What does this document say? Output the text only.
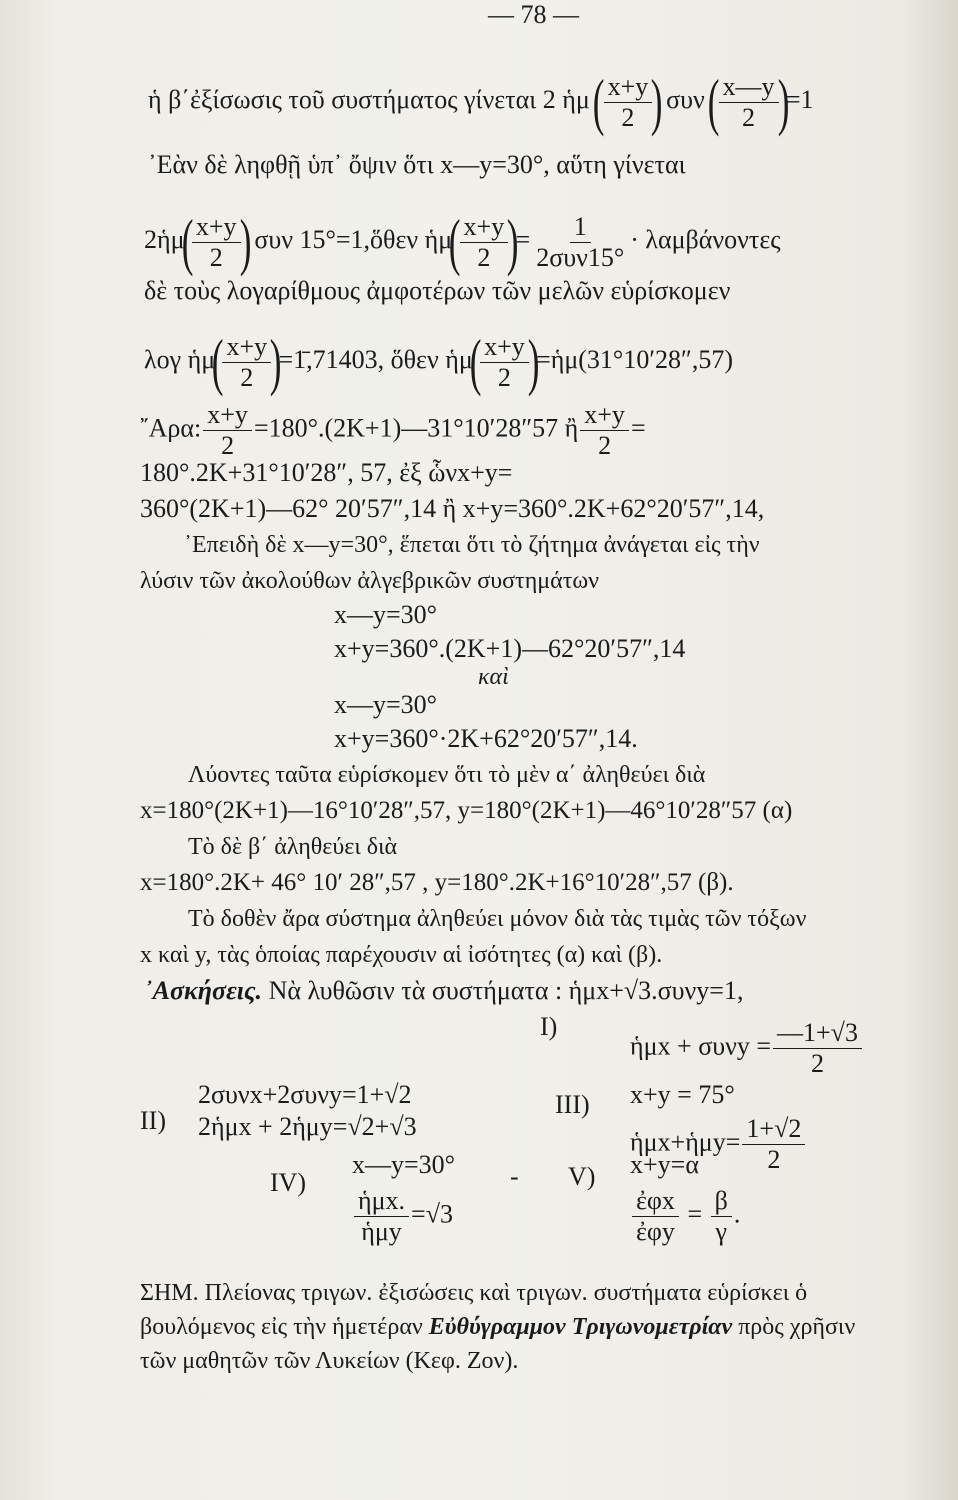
— 78 —
ἡ β΄ἐξίσωσις τοῦ συστήματος γίνεται 2 ἡμ (
$\frac{x+y}{2}$
) συν (
$\frac{x—y}{2}$
)=1
᾿Εὰν δὲ ληφθῇ ὑπ᾿ ὄψιν ὅτι x—y=30°, αὕτη γίνεται
2ἡμ(
$\frac{x+y}{2}$
) συν 15°=1,ὅθεν ἡμ(
$\frac{x+y}{2}$
)= $\frac{1}{\text{2συν15°}} \cdot \lambda\alpha\mu\beta ά\nu o\nu\tau\varepsilon\varsigma$
δὲ τοὺς λογαρίθμους ἀμφοτέρων τῶν μελῶν εὑρίσκομεν
λογ ἡμ(
$\frac{x+y}{2}$
)=1̄,71403, ὅθεν ἡμ(
$\frac{x+y}{2}$
)=ἡμ(31°10′28″,57)
῎Αρα: $\frac{x+y}{2}$ =180°.(2K+1)—31°10′28″57 ἢ $\frac{x+y}{2}$ =
180°.2K+31°10′28″, 57, ἐξ ὧνx+y=
360°(2K+1)—62° 20′57″,14 ἢ x+y=360°.2K+62°20′57″,14,
᾿Επειδὴ δὲ x—y=30°, ἕπεται ὅτι τὸ ζήτημα ἀνάγεται εἰς τὴν
λύσιν τῶν ἀκολούθων ἀλγεβρικῶν συστημάτων
x—y=30°
x+y=360°.(2K+1)—62°20′57″,14
καὶ
x—y=30°
x+y=360°·2K+62°20′57″,14.
Λύοντες ταῦτα εὑρίσκομεν ὅτι τὸ μὲν α΄ ἀληθεύει διὰ
x=180°(2K+1)—16°10′28″,57, y=180°(2K+1)—46°10′28″57 (α)
Τὸ δὲ β΄ ἀληθεύει διὰ
x=180°.2K+ 46° 10′ 28″,57 , y=180°.2K+16°10′28″,57 (β).
Τὸ δοθὲν ἄρα σύστημα ἀληθεύει μόνον διὰ τὰς τιμὰς τῶν τόξων
x καὶ y, τὰς ὁποίας παρέχουσιν αἱ ἰσότητες (α) καὶ (β).
᾿Ασκήσεις. Νὰ λυθῶσιν τὰ συστήματα : ἡμx+√3.συνy=1,
I)
ἡμx + $\sigma\upsilon\nu y = \frac{—1+√3}{2}$
II)
2συνx+2συνy=1+√2
2ἡμx + 2ἡμy=√2+√3
III) x+y = 75°
ἡμx+ἡμy= $\frac{1+√2}{2}$
IV)
x—y=30°
$\frac{\text{ἡμx.}}{\text{ἡμy}} =√3$
- V) x+y=α
$\frac{\text{ἐφx}}{\text{ἐφy}} = \frac{\beta}{\gamma}$ .
ΣΗΜ. Πλείονας τριγων. ἐξισώσεις καὶ τριγων. συστήματα εὑρίσκει ὁ
βουλόμενος εἰς τὴν ἡμετέραν Εὐθύγραμμον Τριγωνομετρίαν πρὸς χρῆσιν
τῶν μαθητῶν τῶν Λυκείων (Κεφ. Ζον).
